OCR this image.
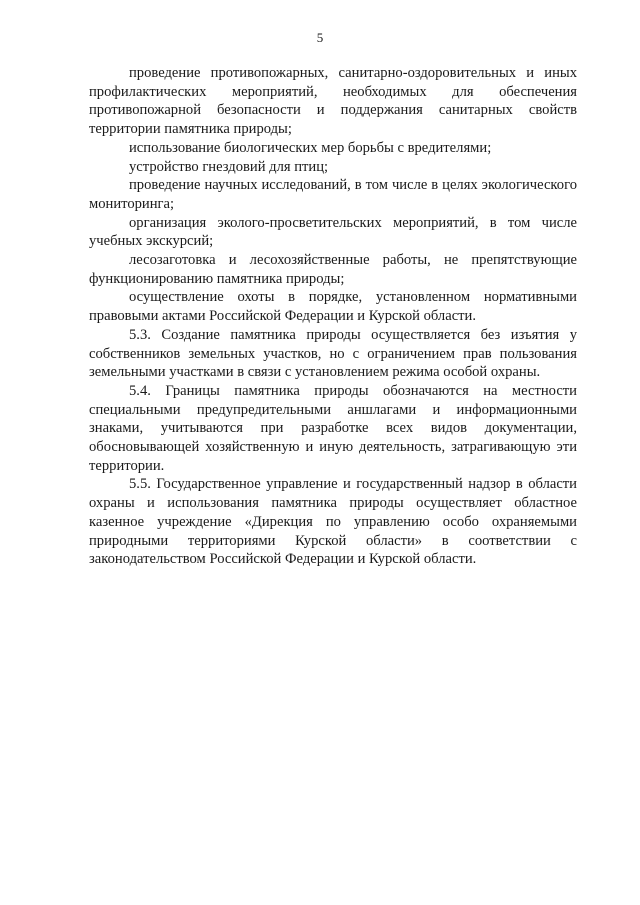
5

проведение противопожарных, санитарно-оздоровительных и иных профилактических мероприятий, необходимых для обеспечения противопожарной безопасности и поддержания санитарных свойств территории памятника природы;

использование биологических мер борьбы с вредителями;

устройство гнездовий для птиц;

проведение научных исследований, в том числе в целях экологического мониторинга;

организация эколого-просветительских мероприятий, в том числе учебных экскурсий;

лесозаготовка и лесохозяйственные работы, не препятствующие функционированию памятника природы;

осуществление охоты в порядке, установленном нормативными правовыми актами Российской Федерации и Курской области.

5.3. Создание памятника природы осуществляется без изъятия у собственников земельных участков, но с ограничением прав пользования земельными участками в связи с установлением режима особой охраны.

5.4. Границы памятника природы обозначаются на местности специальными предупредительными аншлагами и информационными знаками, учитываются при разработке всех видов документации, обосновывающей хозяйственную и иную деятельность, затрагивающую эти территории.

5.5. Государственное управление и государственный надзор в области охраны и использования памятника природы осуществляет областное казенное учреждение «Дирекция по управлению особо охраняемыми природными территориями Курской области» в соответствии с законодательством Российской Федерации и Курской области.
